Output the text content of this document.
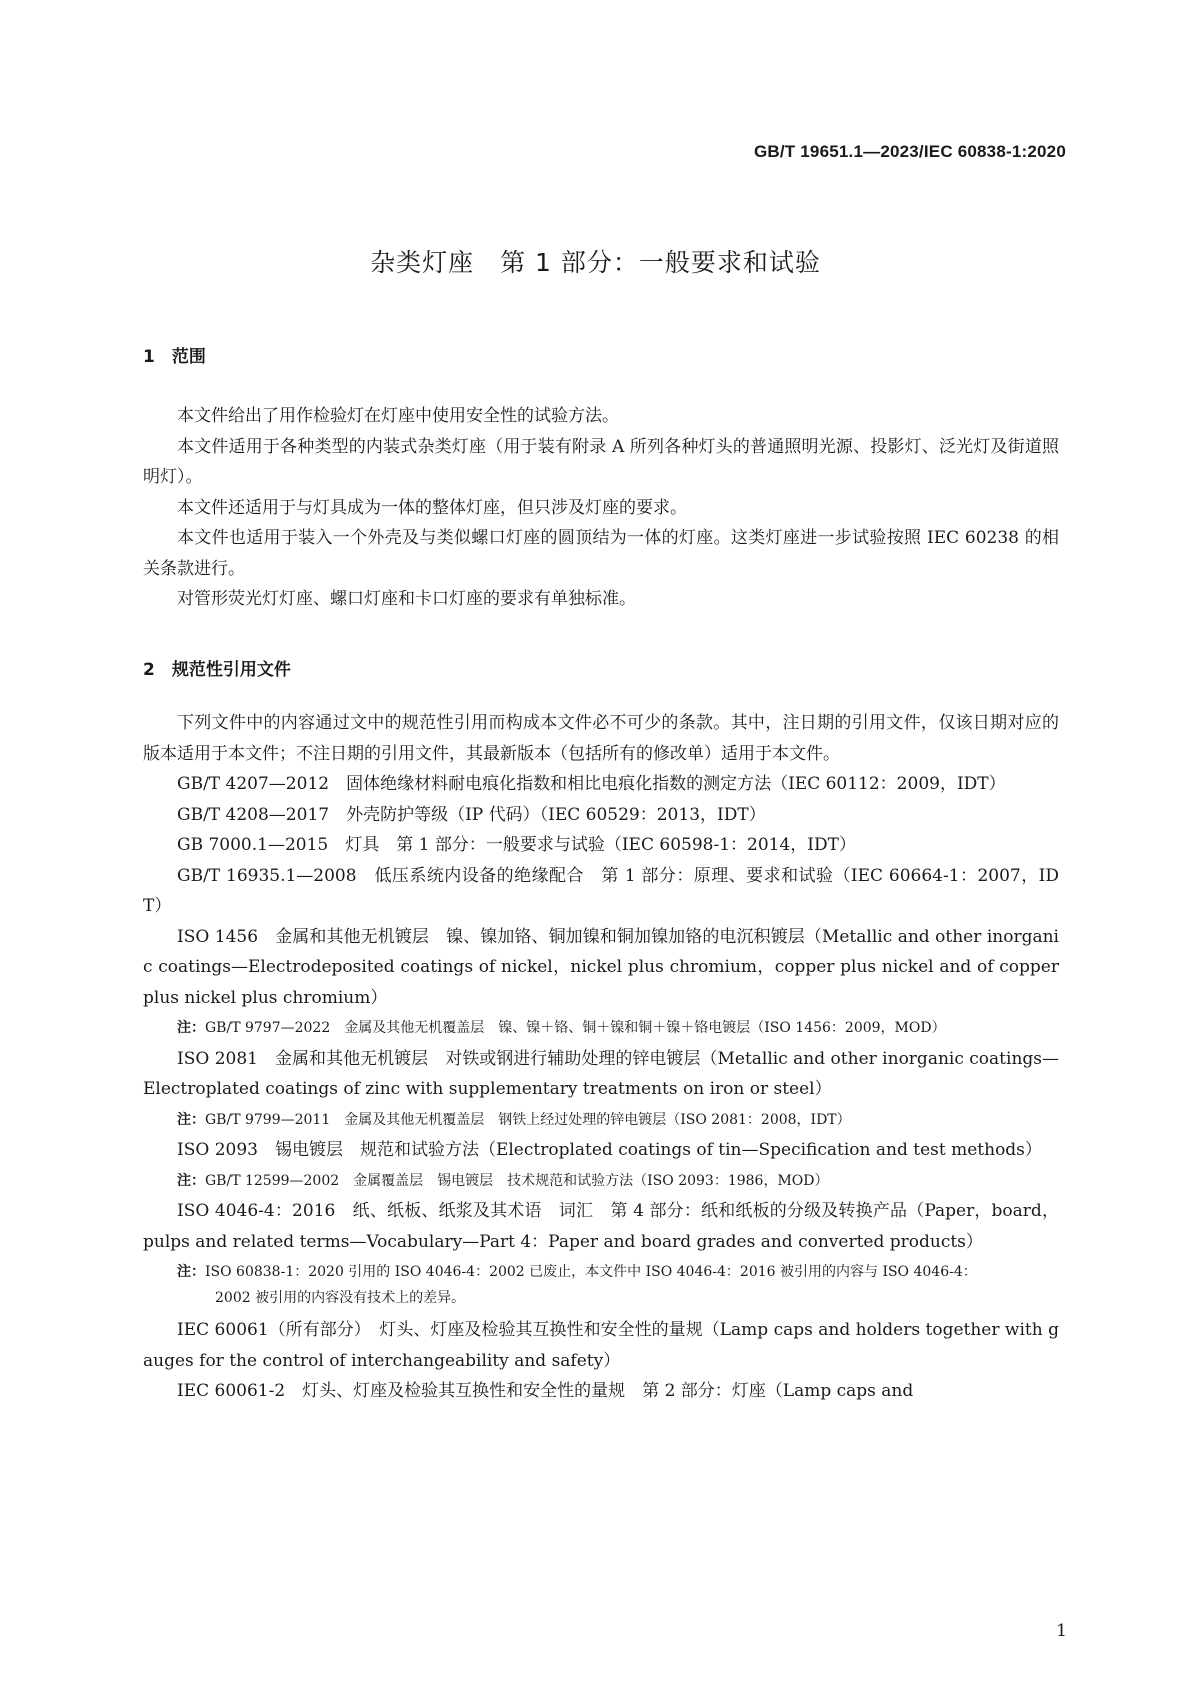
GB/T 19651.1—2023/IEC 60838-1:2020
杂类灯座　第 1 部分：一般要求和试验
1　范围

本文件给出了用作检验灯在灯座中使用安全性的试验方法。

本文件适用于各种类型的内装式杂类灯座（用于装有附录 A 所列各种灯头的普通照明光源、投影灯、泛光灯及街道照明灯）。

本文件还适用于与灯具成为一体的整体灯座，但只涉及灯座的要求。

本文件也适用于装入一个外壳及与类似螺口灯座的圆顶结为一体的灯座。这类灯座进一步试验按照 IEC 60238 的相关条款进行。

对管形荧光灯灯座、螺口灯座和卡口灯座的要求有单独标准。

2　规范性引用文件

下列文件中的内容通过文中的规范性引用而构成本文件必不可少的条款。其中，注日期的引用文件，仅该日期对应的版本适用于本文件；不注日期的引用文件，其最新版本（包括所有的修改单）适用于本文件。

GB/T 4207—2012　固体绝缘材料耐电痕化指数和相比电痕化指数的测定方法（IEC 60112：2009，IDT）

GB/T 4208—2017　外壳防护等级（IP 代码）（IEC 60529：2013，IDT）

GB 7000.1—2015　灯具　第 1 部分：一般要求与试验（IEC 60598-1：2014，IDT）

GB/T 16935.1—2008　低压系统内设备的绝缘配合　第 1 部分：原理、要求和试验（IEC 60664-1：2007，IDT）

ISO 1456　金属和其他无机镀层　镍、镍加铬、铜加镍和铜加镍加铬的电沉积镀层（Metallic and other inorganic coatings—Electrodeposited coatings of nickel，nickel plus chromium，copper plus nickel and of copper plus nickel plus chromium）

注：GB/T 9797—2022　金属及其他无机覆盖层　镍、镍＋铬、铜＋镍和铜＋镍＋铬电镀层（ISO 1456：2009，MOD）

ISO 2081　金属和其他无机镀层　对铁或钢进行辅助处理的锌电镀层（Metallic and other inorganic coatings—Electroplated coatings of zinc with supplementary treatments on iron or steel）

注：GB/T 9799—2011　金属及其他无机覆盖层　钢铁上经过处理的锌电镀层（ISO 2081：2008，IDT）

ISO 2093　锡电镀层　规范和试验方法（Electroplated coatings of tin—Specification and test methods）

注：GB/T 12599—2002　金属覆盖层　锡电镀层　技术规范和试验方法（ISO 2093：1986，MOD）

ISO 4046-4：2016　纸、纸板、纸浆及其术语　词汇　第 4 部分：纸和纸板的分级及转换产品（Paper，board，pulps and related terms—Vocabulary—Part 4：Paper and board grades and converted products）

注：ISO 60838-1：2020 引用的 ISO 4046-4：2002 已废止，本文件中 ISO 4046-4：2016 被引用的内容与 ISO 4046-4：
2002 被引用的内容没有技术上的差异。

IEC 60061（所有部分）　灯头、灯座及检验其互换性和安全性的量规（Lamp caps and holders together with gauges for the control of interchangeability and safety）

IEC 60061-2　灯头、灯座及检验其互换性和安全性的量规　第 2 部分：灯座（Lamp caps and

1
